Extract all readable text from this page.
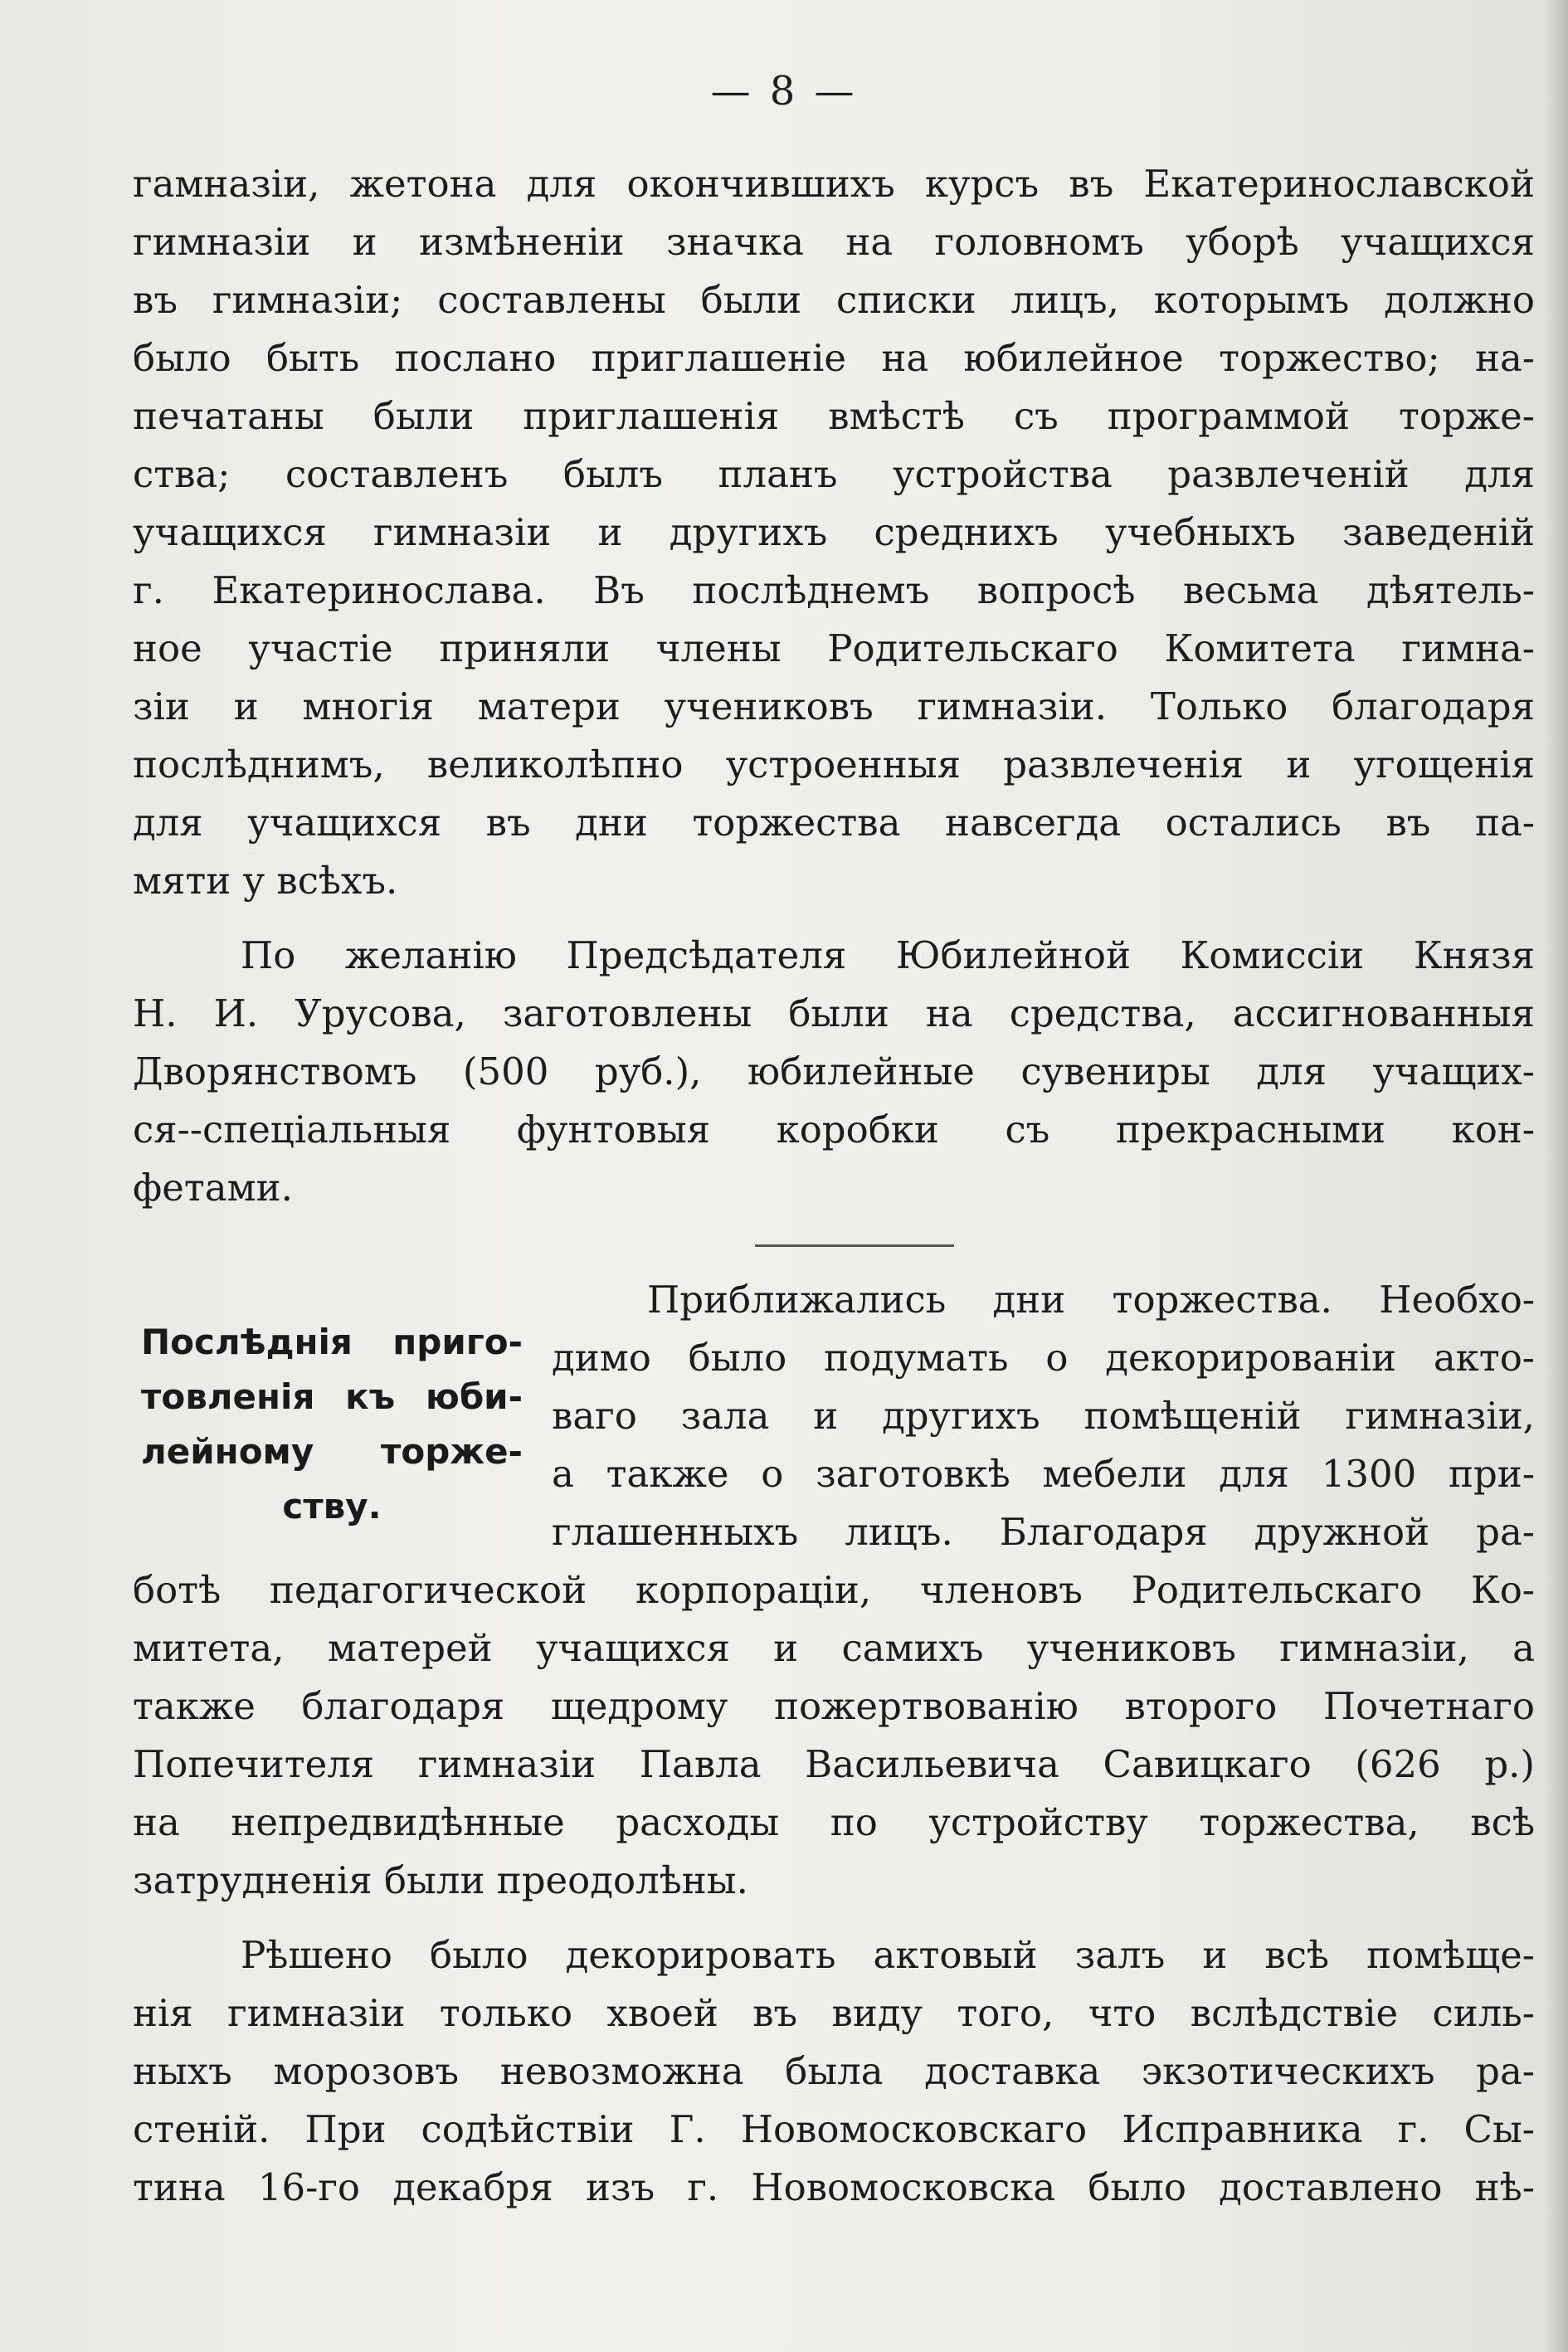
— 8 —
гамназіи, жетона для окончившихъ курсъ въ Екатеринославской
гимназіи и измѣненіи значка на головномъ уборѣ учащихся
въ гимназіи; составлены были списки лицъ, которымъ должно
было быть послано приглашеніе на юбилейное торжество; на-
печатаны были приглашенія вмѣстѣ съ программой торже-
ства; составленъ былъ планъ устройства развлеченій для
учащихся гимназіи и другихъ среднихъ учебныхъ заведеній
г. Екатеринослава. Въ послѣднемъ вопросѣ весьма дѣятель-
ное участіе приняли члены Родительскаго Комитета гимна-
зіи и многія матери учениковъ гимназіи. Только благодаря
послѣднимъ, великолѣпно устроенныя развлеченія и угощенія
для учащихся въ дни торжества навсегда остались въ па-
мяти у всѣхъ.
По желанію Предсѣдателя Юбилейной Комиссіи Князя
Н. И. Урусова, заготовлены были на средства, ассигнованныя
Дворянствомъ (500 руб.), юбилейные сувениры для учащих-
ся--спеціальныя фунтовыя коробки съ прекрасными кон-
фетами.
Послѣднія приго-
товленія къ юби-
лейному торже-
ству.
Приближались дни торжества. Необхо-
димо было подумать о декорированіи акто-
ваго зала и другихъ помѣщеній гимназіи,
а также о заготовкѣ мебели для 1300 при-
глашенныхъ лицъ. Благодаря дружной ра-
ботѣ педагогической корпораціи, членовъ Родительскаго Ко-
митета, матерей учащихся и самихъ учениковъ гимназіи, а
также благодаря щедрому пожертвованію второго Почетнаго
Попечителя гимназіи Павла Васильевича Савицкаго (626 р.)
на непредвидѣнные расходы по устройству торжества, всѣ
затрудненія были преодолѣны.
Рѣшено было декорировать актовый залъ и всѣ помѣще-
нія гимназіи только хвоей въ виду того, что вслѣдствіе силь-
ныхъ морозовъ невозможна была доставка экзотическихъ ра-
стеній. При содѣйствіи Г. Новомосковскаго Исправника г. Сы-
тина 16-го декабря изъ г. Новомосковска было доставлено нѣ-
